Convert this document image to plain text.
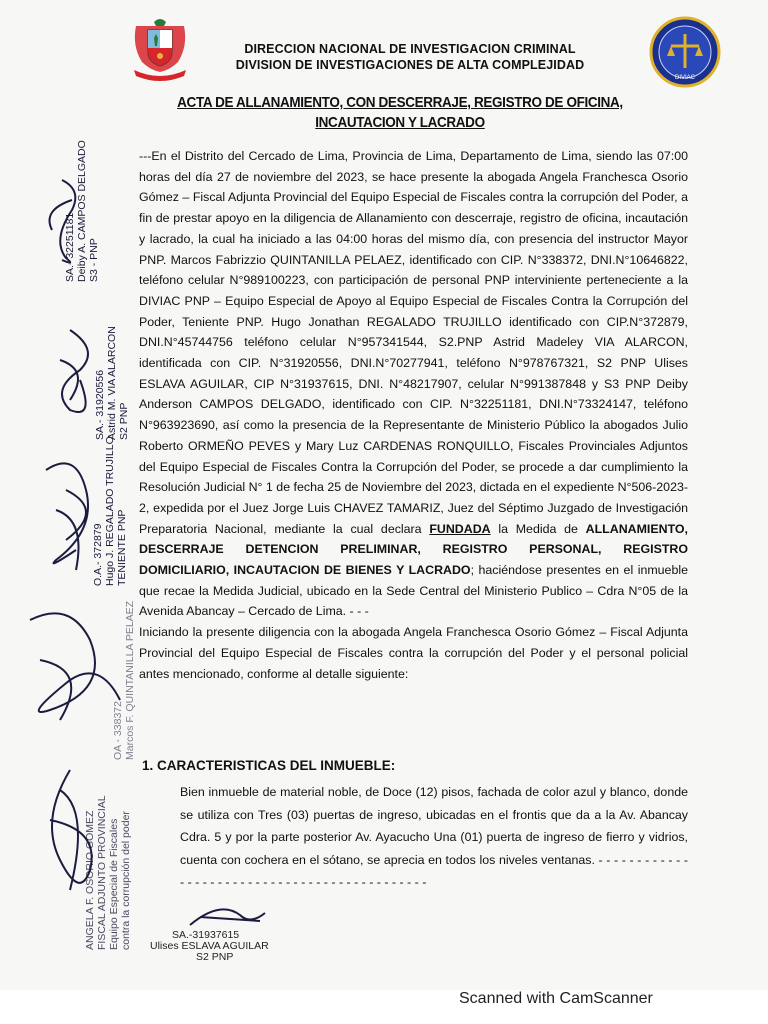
DIVIAC
DIRECCION NACIONAL DE INVESTIGACION CRIMINAL
DIVISION DE INVESTIGACIONES DE ALTA COMPLEJIDAD
ACTA DE ALLANAMIENTO, CON DESCERRAJE, REGISTRO DE OFICINA,
INCAUTACION Y LACRADO

---En el Distrito del Cercado de Lima, Provincia de Lima, Departamento de Lima, siendo las 07:00 horas del día 27 de noviembre del 2023, se hace presente la abogada Angela Franchesca Osorio Gómez – Fiscal Adjunta Provincial del Equipo Especial de Fiscales contra la corrupción del Poder, a fin de prestar apoyo en la diligencia de Allanamiento con descerraje, registro de oficina, incautación y lacrado, la cual ha iniciado a las 04:00 horas del mismo día, con presencia del instructor Mayor PNP. Marcos Fabrizzio QUINTANILLA PELAEZ, identificado con CIP. N°338372, DNI.N°10646822, teléfono celular N°989100223, con participación de personal PNP interviniente perteneciente a la DIVIAC PNP – Equipo Especial de Apoyo al Equipo Especial de Fiscales Contra la Corrupción del Poder, Teniente PNP. Hugo Jonathan REGALADO TRUJILLO identificado con CIP.N°372879, DNI.N°45744756 teléfono celular N°957341544, S2.PNP Astrid Madeley VIA ALARCON, identificada con CIP. N°31920556, DNI.N°70277941, teléfono N°978767321, S2 PNP Ulises ESLAVA AGUILAR, CIP N°31937615, DNI. N°48217907, celular N°991387848 y S3 PNP Deiby Anderson CAMPOS DELGADO, identificado con CIP. N°32251181, DNI.N°73324147, teléfono N°963923690, así como la presencia de la Representante de Ministerio Público la abogados Julio Roberto ORMEÑO PEVES y Mary Luz CARDENAS RONQUILLO, Fiscales Provinciales Adjuntos del Equipo Especial de Fiscales Contra la Corrupción del Poder, se procede a dar cumplimiento la Resolución Judicial N° 1 de fecha 25 de Noviembre del 2023, dictada en el expediente N°506-2023-2, expedida por el Juez Jorge Luis CHAVEZ TAMARIZ, Juez del Séptimo Juzgado de Investigación Preparatoria Nacional, mediante la cual declara FUNDADA la Medida de ALLANAMIENTO, DESCERRAJE DETENCION PRELIMINAR, REGISTRO PERSONAL, REGISTRO DOMICILIARIO, INCAUTACION DE BIENES Y LACRADO; haciéndose presentes en el inmueble que recae la Medida Judicial, ubicado en la Sede Central del Ministerio Publico – Cdra N°05 de la Avenida Abancay – Cercado de Lima. - - -

Iniciando la presente diligencia con la abogada Angela Franchesca Osorio Gómez – Fiscal Adjunta Provincial del Equipo Especial de Fiscales contra la corrupción del Poder y el personal policial antes mencionado, conforme al detalle siguiente:

1. CARACTERISTICAS DEL INMUEBLE:

Bien inmueble de material noble, de Doce (12) pisos, fachada de color azul y blanco, donde se utiliza con Tres (03) puertas de ingreso, ubicadas en el frontis que da a la Av. Abancay Cdra. 5 y por la parte posterior Av. Ayacucho Una (01) puerta de ingreso de fierro y vidrios, cuenta con cochera en el sótano, se aprecia en todos los niveles ventanas. - - - - - - - - - - - - - - - - - - - - - - - - - - - - - - - - - - - - - - - - - - - - -

SA.- 32251181 Deiby A. CAMPOS DELGADO S3 - PNP
SA.- 31920556 Astrid M. VIA ALARCON S2 PNP
O.A.- 372879 Hugo J. REGALADO TRUJILLO TENIENTE PNP
OA - 338372 Marcos F. QUINTANILLA PELAEZ
ANGELA F. OSORIO GOMEZ FISCAL ADJUNTO PROVINCIAL Equipo Especial de Fiscales contra la corrupción del poder	SA.-31937615
Ulises ESLAVA AGUILAR
S2 PNP
Scanned with CamScanner
